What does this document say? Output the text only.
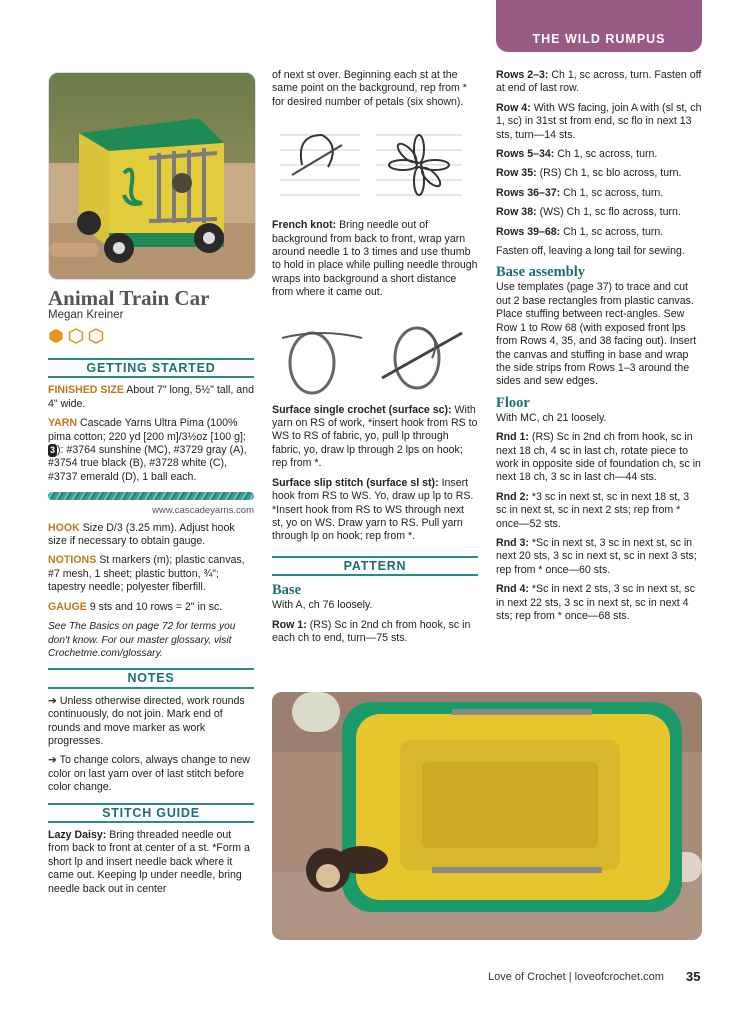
THE WILD RUMPUS
Animal Train Car
Megan Kreiner
GETTING STARTED

FINISHED SIZE About 7" long, 5½" tall, and 4" wide.

YARN Cascade Yarns Ultra Pima (100% pima cotton; 220 yd [200 m]/3½oz [100 g]; 3 ): #3764 sunshine (MC), #3729 gray (A), #3754 true black (B), #3728 white (C), #3737 emerald (D), 1 ball each.

www.cascadeyarns.com

HOOK Size D/3 (3.25 mm). Adjust hook size if necessary to obtain gauge.

NOTIONS St markers (m); plastic canvas, #7 mesh, 1 sheet; plastic button, ¾"; tapestry needle; polyester fiberfill.

GAUGE 9 sts and 10 rows = 2" in sc.

See The Basics on page 72 for terms you don't know. For our master glossary, visit Crochetme.com/glossary.

NOTES

➔ Unless otherwise directed, work rounds continuously, do not join. Mark end of rounds and move marker as work progresses.

➔ To change colors, always change to new color on last yarn over of last stitch before color change.

STITCH GUIDE

Lazy Daisy: Bring threaded needle out from back to front at center of a st. *Form a short lp and insert needle back where it came out. Keeping lp under needle, bring needle back out in center

of next st over. Beginning each st at the same point on the background, rep from * for desired number of petals (six shown).

French knot: Bring needle out of background from back to front, wrap yarn around needle 1 to 3 times and use thumb to hold in place while pulling needle through wraps into background a short distance from where it came out.

Surface single crochet (surface sc): With yarn on RS of work, *insert hook from RS to WS to RS of fabric, yo, pull lp through fabric, yo, draw lp through 2 lps on hook; rep from *.

Surface slip stitch (surface sl st): Insert hook from RS to WS. Yo, draw up lp to RS. *Insert hook from RS to WS through next st, yo on WS. Draw yarn to RS. Pull yarn through lp on hook; rep from *.

PATTERN
Base

With A, ch 76 loosely.

Row 1: (RS) Sc in 2nd ch from hook, sc in each ch to end, turn—75 sts.

Rows 2–3: Ch 1, sc across, turn. Fasten off at end of last row.

Row 4: With WS facing, join A with (sl st, ch 1, sc) in 31st st from end, sc flo in next 13 sts, turn—14 sts.

Rows 5–34: Ch 1, sc across, turn.

Row 35: (RS) Ch 1, sc blo across, turn.

Rows 36–37: Ch 1, sc across, turn.

Row 38: (WS) Ch 1, sc flo across, turn.

Rows 39–68: Ch 1, sc across, turn.

Fasten off, leaving a long tail for sewing.

Base assembly

Use templates (page 37) to trace and cut out 2 base rectangles from plastic canvas. Place stuffing between rect-angles. Sew Row 1 to Row 68 (with exposed front lps from Rows 4, 35, and 38 facing out). Insert the canvas and stuffing in base and wrap the side strips from Rows 1–3 around the sides and sew edges.

Floor

With MC, ch 21 loosely.

Rnd 1: (RS) Sc in 2nd ch from hook, sc in next 18 ch, 4 sc in last ch, rotate piece to work in opposite side of foundation ch, sc in next 18 ch, 3 sc in last ch—44 sts.

Rnd 2: *3 sc in next st, sc in next 18 st, 3 sc in next st, sc in next 2 sts; rep from * once—52 sts.

Rnd 3: *Sc in next st, 3 sc in next st, sc in next 20 sts, 3 sc in next st, sc in next 3 sts; rep from * once—60 sts.

Rnd 4: *Sc in next 2 sts, 3 sc in next st, sc in next 22 sts, 3 sc in next st, sc in next 4 sts; rep from * once—68 sts.

Love of Crochet | loveofcrochet.com 35
